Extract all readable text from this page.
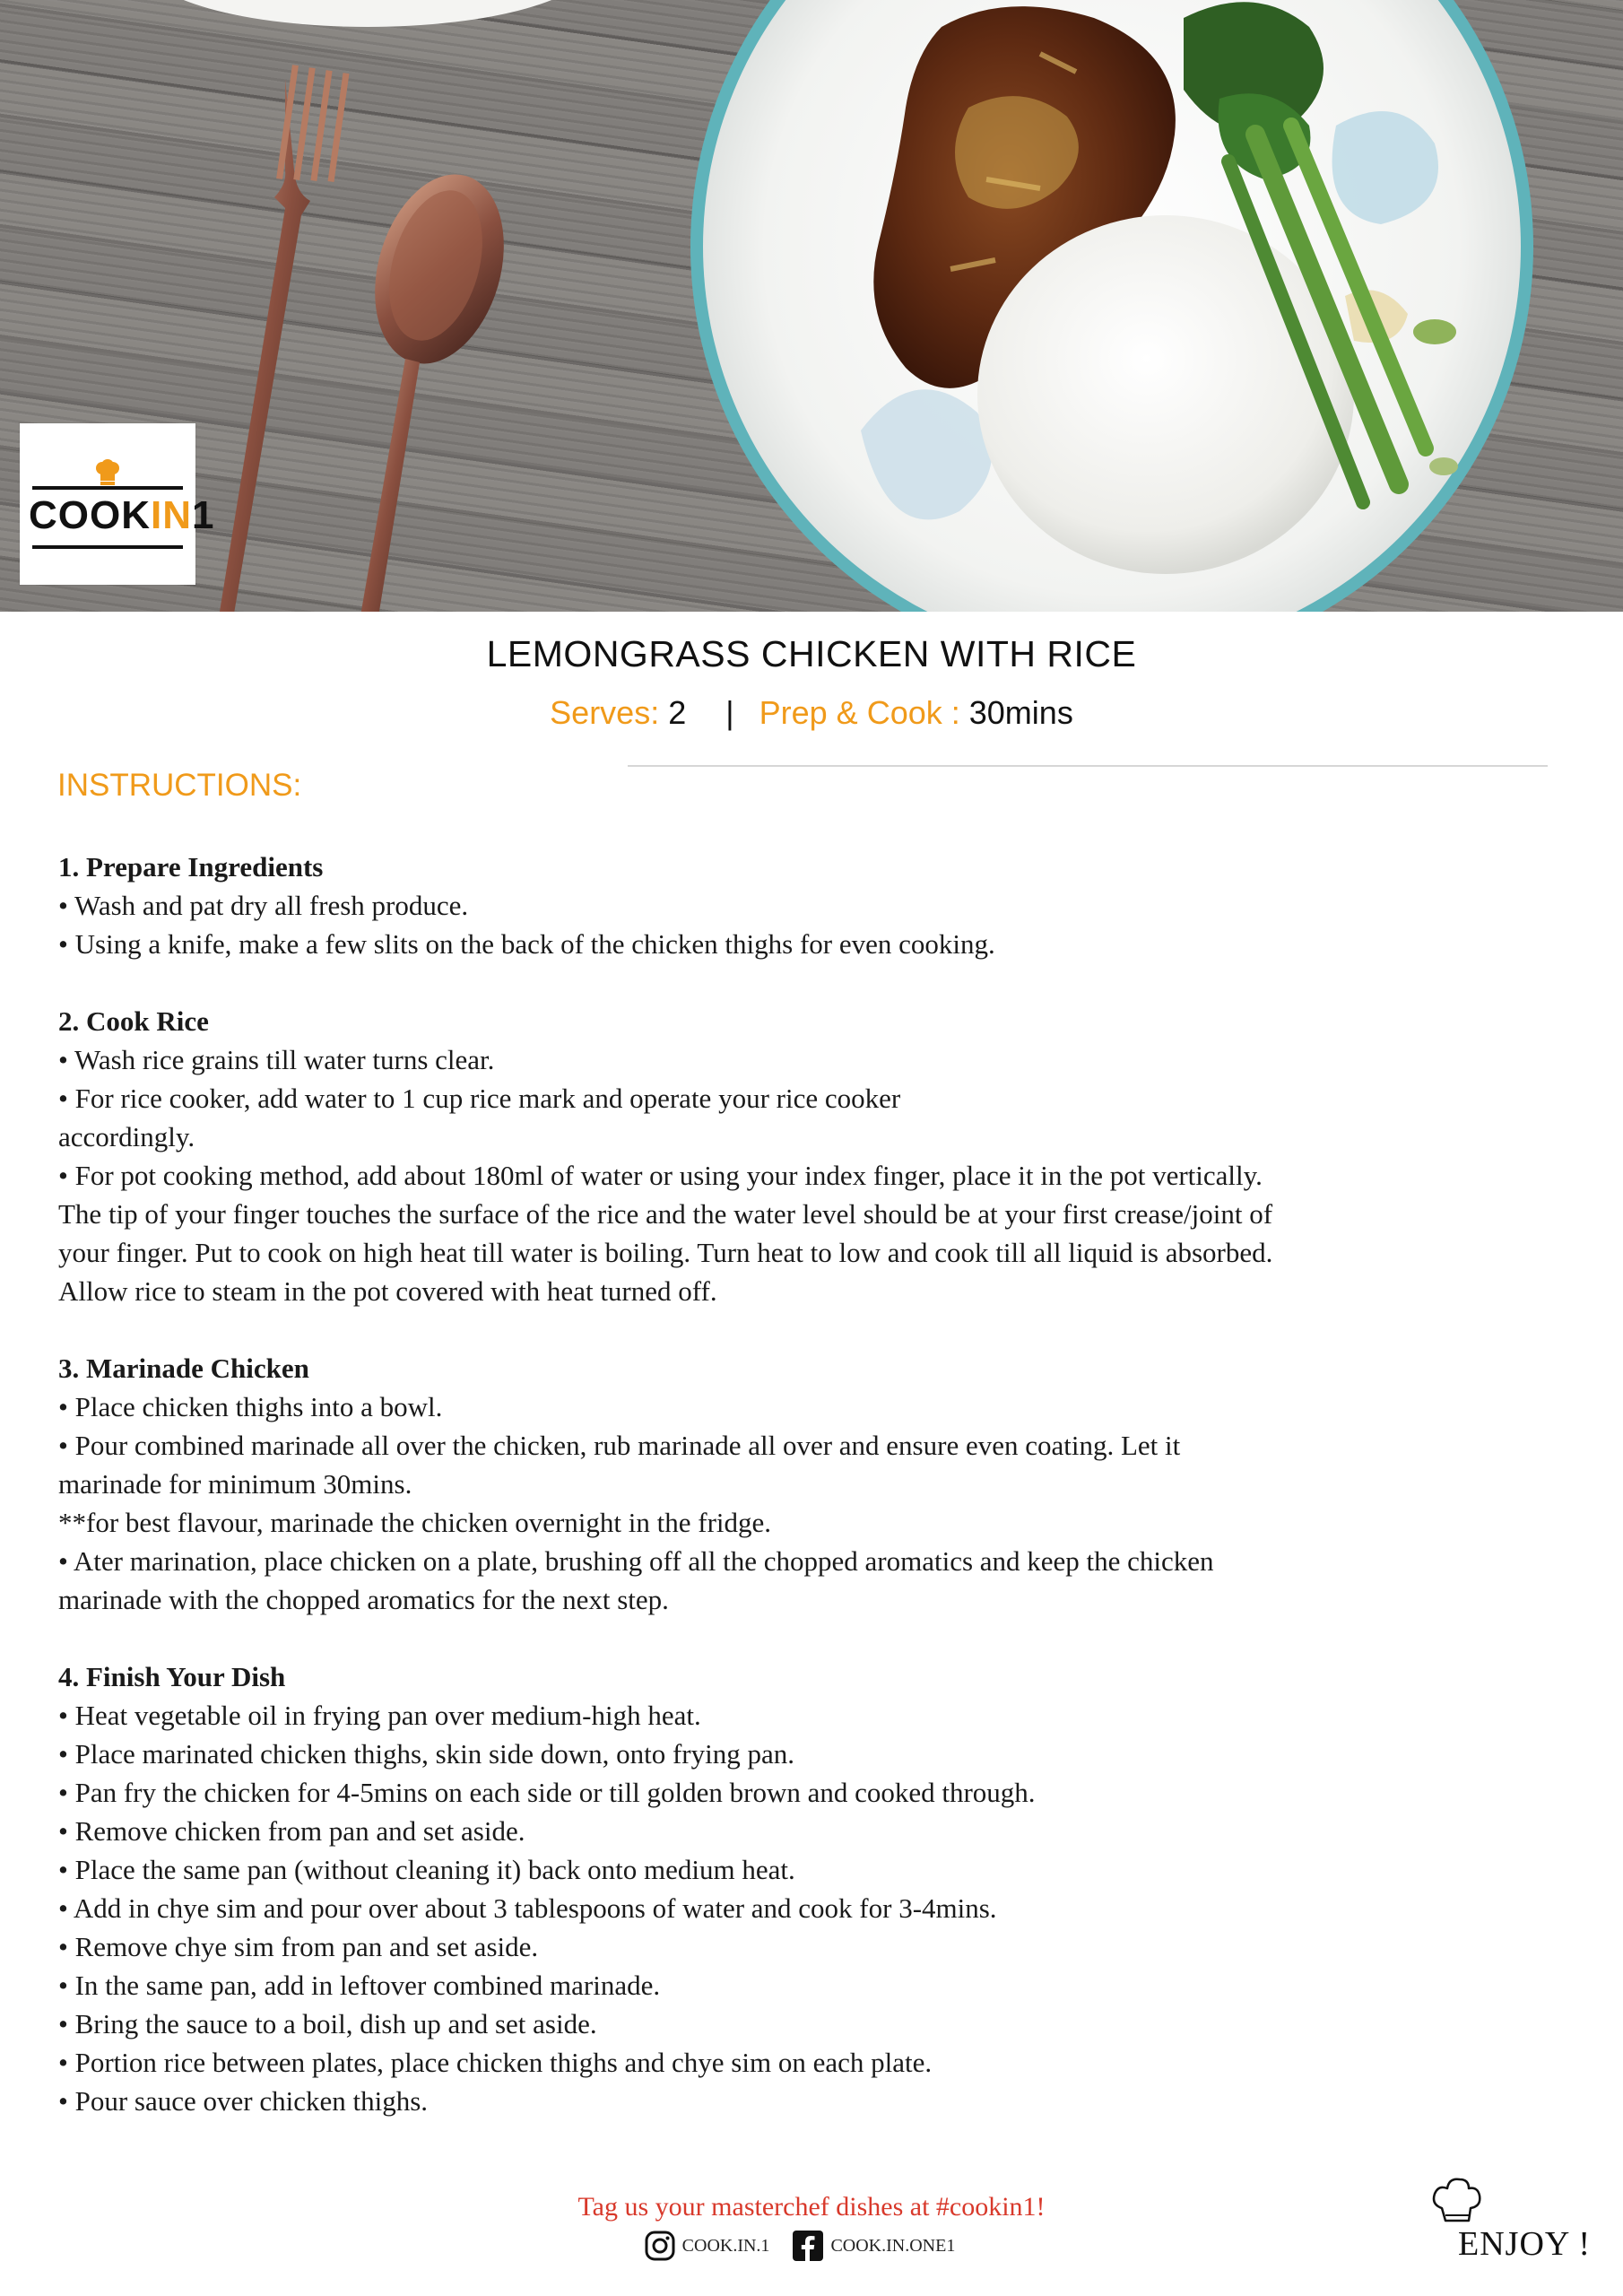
COOKIN1
LEMONGRASS CHICKEN WITH RICE
Serves: 2 | Prep & Cook : 30mins
INSTRUCTIONS:
1. Prepare Ingredients
• Wash and pat dry all fresh produce.
• Using a knife, make a few slits on the back of the chicken thighs for even cooking.
2. Cook Rice
• Wash rice grains till water turns clear.
• For rice cooker, add water to 1 cup rice mark and operate your rice cooker
accordingly.
• For pot cooking method, add about 180ml of water or using your index finger, place it in the pot vertically.
The tip of your finger touches the surface of the rice and the water level should be at your first crease/joint of
your finger. Put to cook on high heat till water is boiling. Turn heat to low and cook till all liquid is absorbed.
Allow rice to steam in the pot covered with heat turned off.
3. Marinade Chicken
• Place chicken thighs into a bowl.
• Pour combined marinade all over the chicken, rub marinade all over and ensure even coating. Let it
marinade for minimum 30mins.
**for best flavour, marinade the chicken overnight in the fridge.
• Ater marination, place chicken on a plate, brushing off all the chopped aromatics and keep the chicken
marinade with the chopped aromatics for the next step.
4. Finish Your Dish
• Heat vegetable oil in frying pan over medium-high heat.
• Place marinated chicken thighs, skin side down, onto frying pan.
• Pan fry the chicken for 4-5mins on each side or till golden brown and cooked through.
• Remove chicken from pan and set aside.
• Place the same pan (without cleaning it) back onto medium heat.
• Add in chye sim and pour over about 3 tablespoons of water and cook for 3-4mins.
• Remove chye sim from pan and set aside.
• In the same pan, add in leftover combined marinade.
• Bring the sauce to a boil, dish up and set aside.
• Portion rice between plates, place chicken thighs and chye sim on each plate.
• Pour sauce over chicken thighs.
Tag us your masterchef dishes at #cookin1!
COOK.IN.1	COOK.IN.ONE1	ENJOY !
